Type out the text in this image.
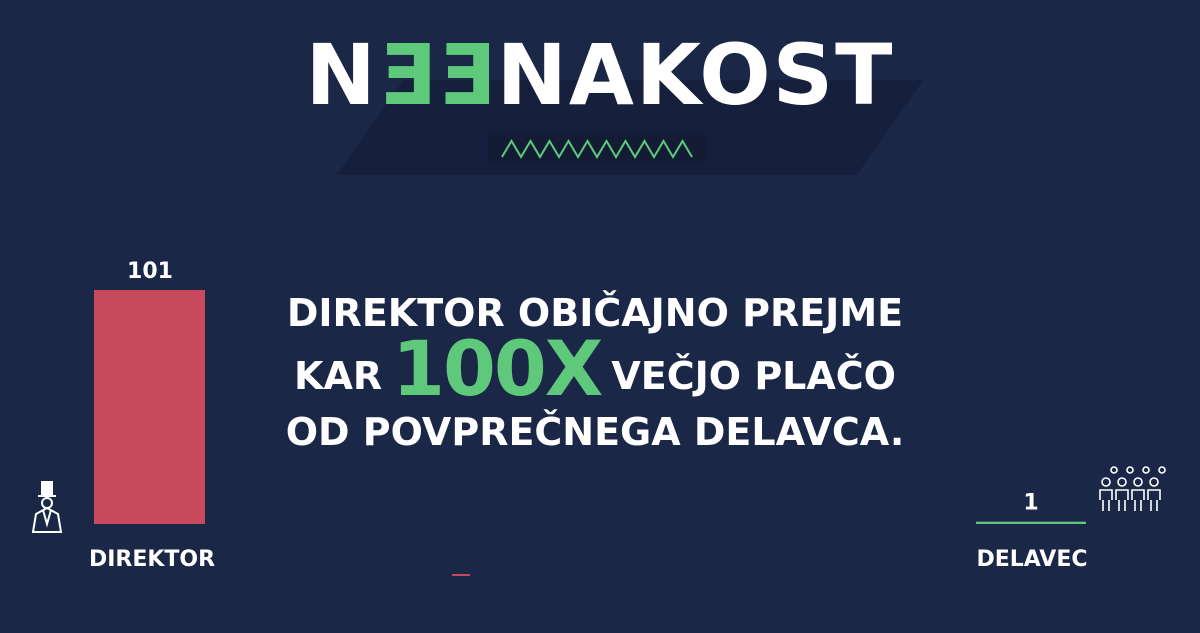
NEENAKOST
DIREKTOR OBIČAJNO PREJME
KAR 100X VEČJO PLAČO
OD POVPREČNEGA DELAVCA.
101
DIREKTOR
1
DELAVEC
